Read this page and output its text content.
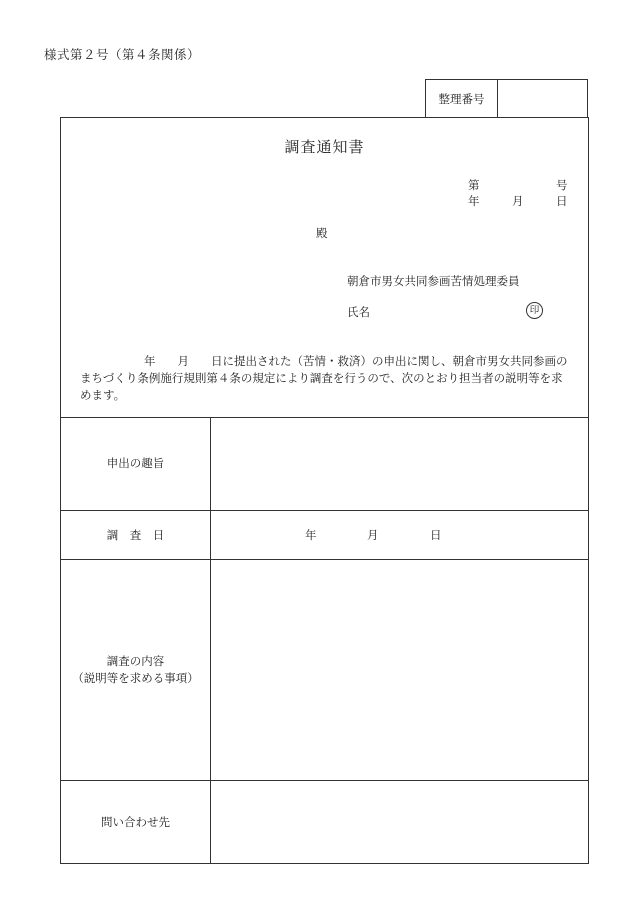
様式第２号（第４条関係）
整理番号
調査通知書
第	号
年	月	日
殿
朝倉市男女共同参画苦情処理委員
氏名	印
年 月 日に提出された（苦情・救済）の申出に関し、朝倉市男女共同参画のまちづくり条例施行規則第４条の規定により調査を行うので、次のとおり担当者の説明等を求めます。
申出の趣旨
調　査　日	年	月	日
調査の内容
（説明等を求める事項）
問い合わせ先
